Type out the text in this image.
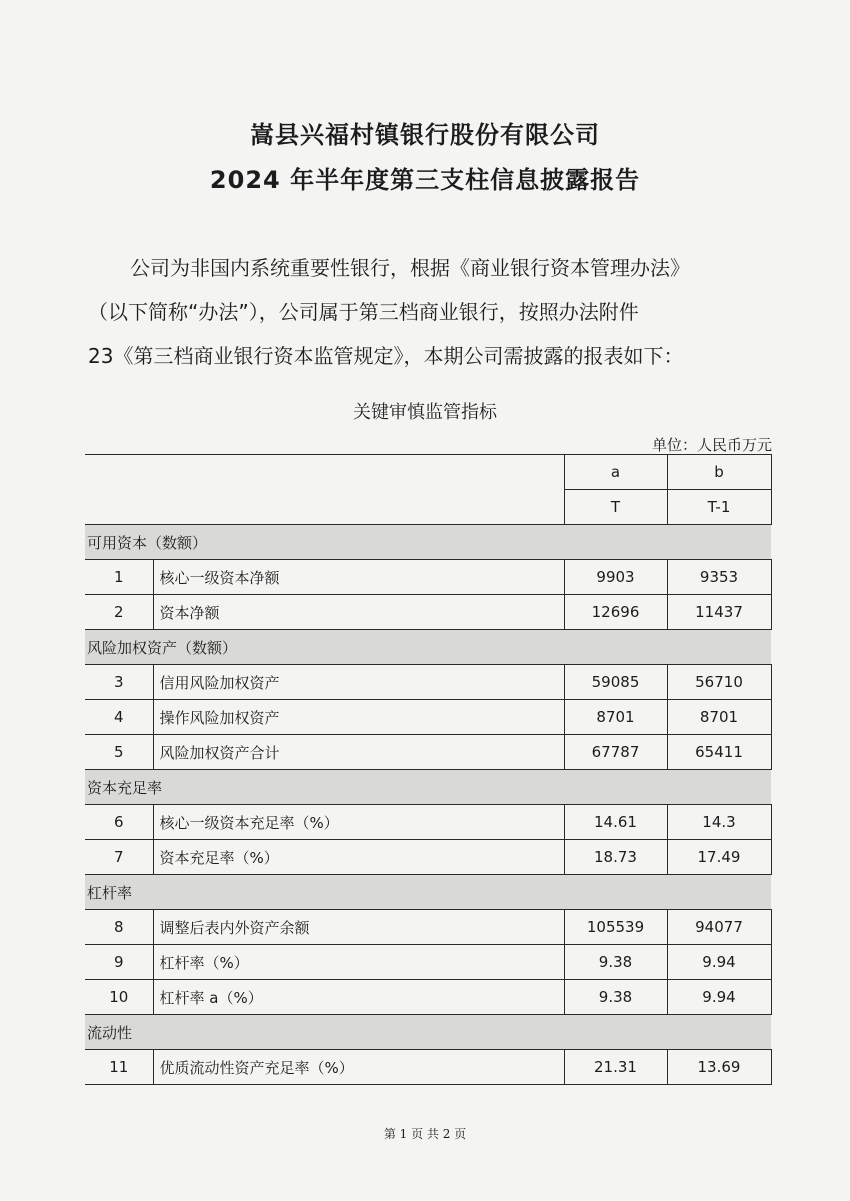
嵩县兴福村镇银行股份有限公司
2024 年半年度第三支柱信息披露报告
公司为非国内系统重要性银行，根据《商业银行资本管理办法》
（以下简称“办法”），公司属于第三档商业银行，按照办法附件
23《第三档商业银行资本监管规定》，本期公司需披露的报表如下：
关键审慎监管指标
单位：人民币万元
		a	b
		T	T-1
可用资本（数额）			
1	核心一级资本净额	9903	9353
2	资本净额	12696	11437
风险加权资产（数额）			
3	信用风险加权资产	59085	56710
4	操作风险加权资产	8701	8701
5	风险加权资产合计	67787	65411
资本充足率			
6	核心一级资本充足率（%）	14.61	14.3
7	资本充足率（%）	18.73	17.49
杠杆率			
8	调整后表内外资产余额	105539	94077
9	杠杆率（%）	9.38	9.94
10	杠杆率 a（%）	9.38	9.94
流动性			
11	优质流动性资产充足率（%）	21.31	13.69
第 1 页 共 2 页
